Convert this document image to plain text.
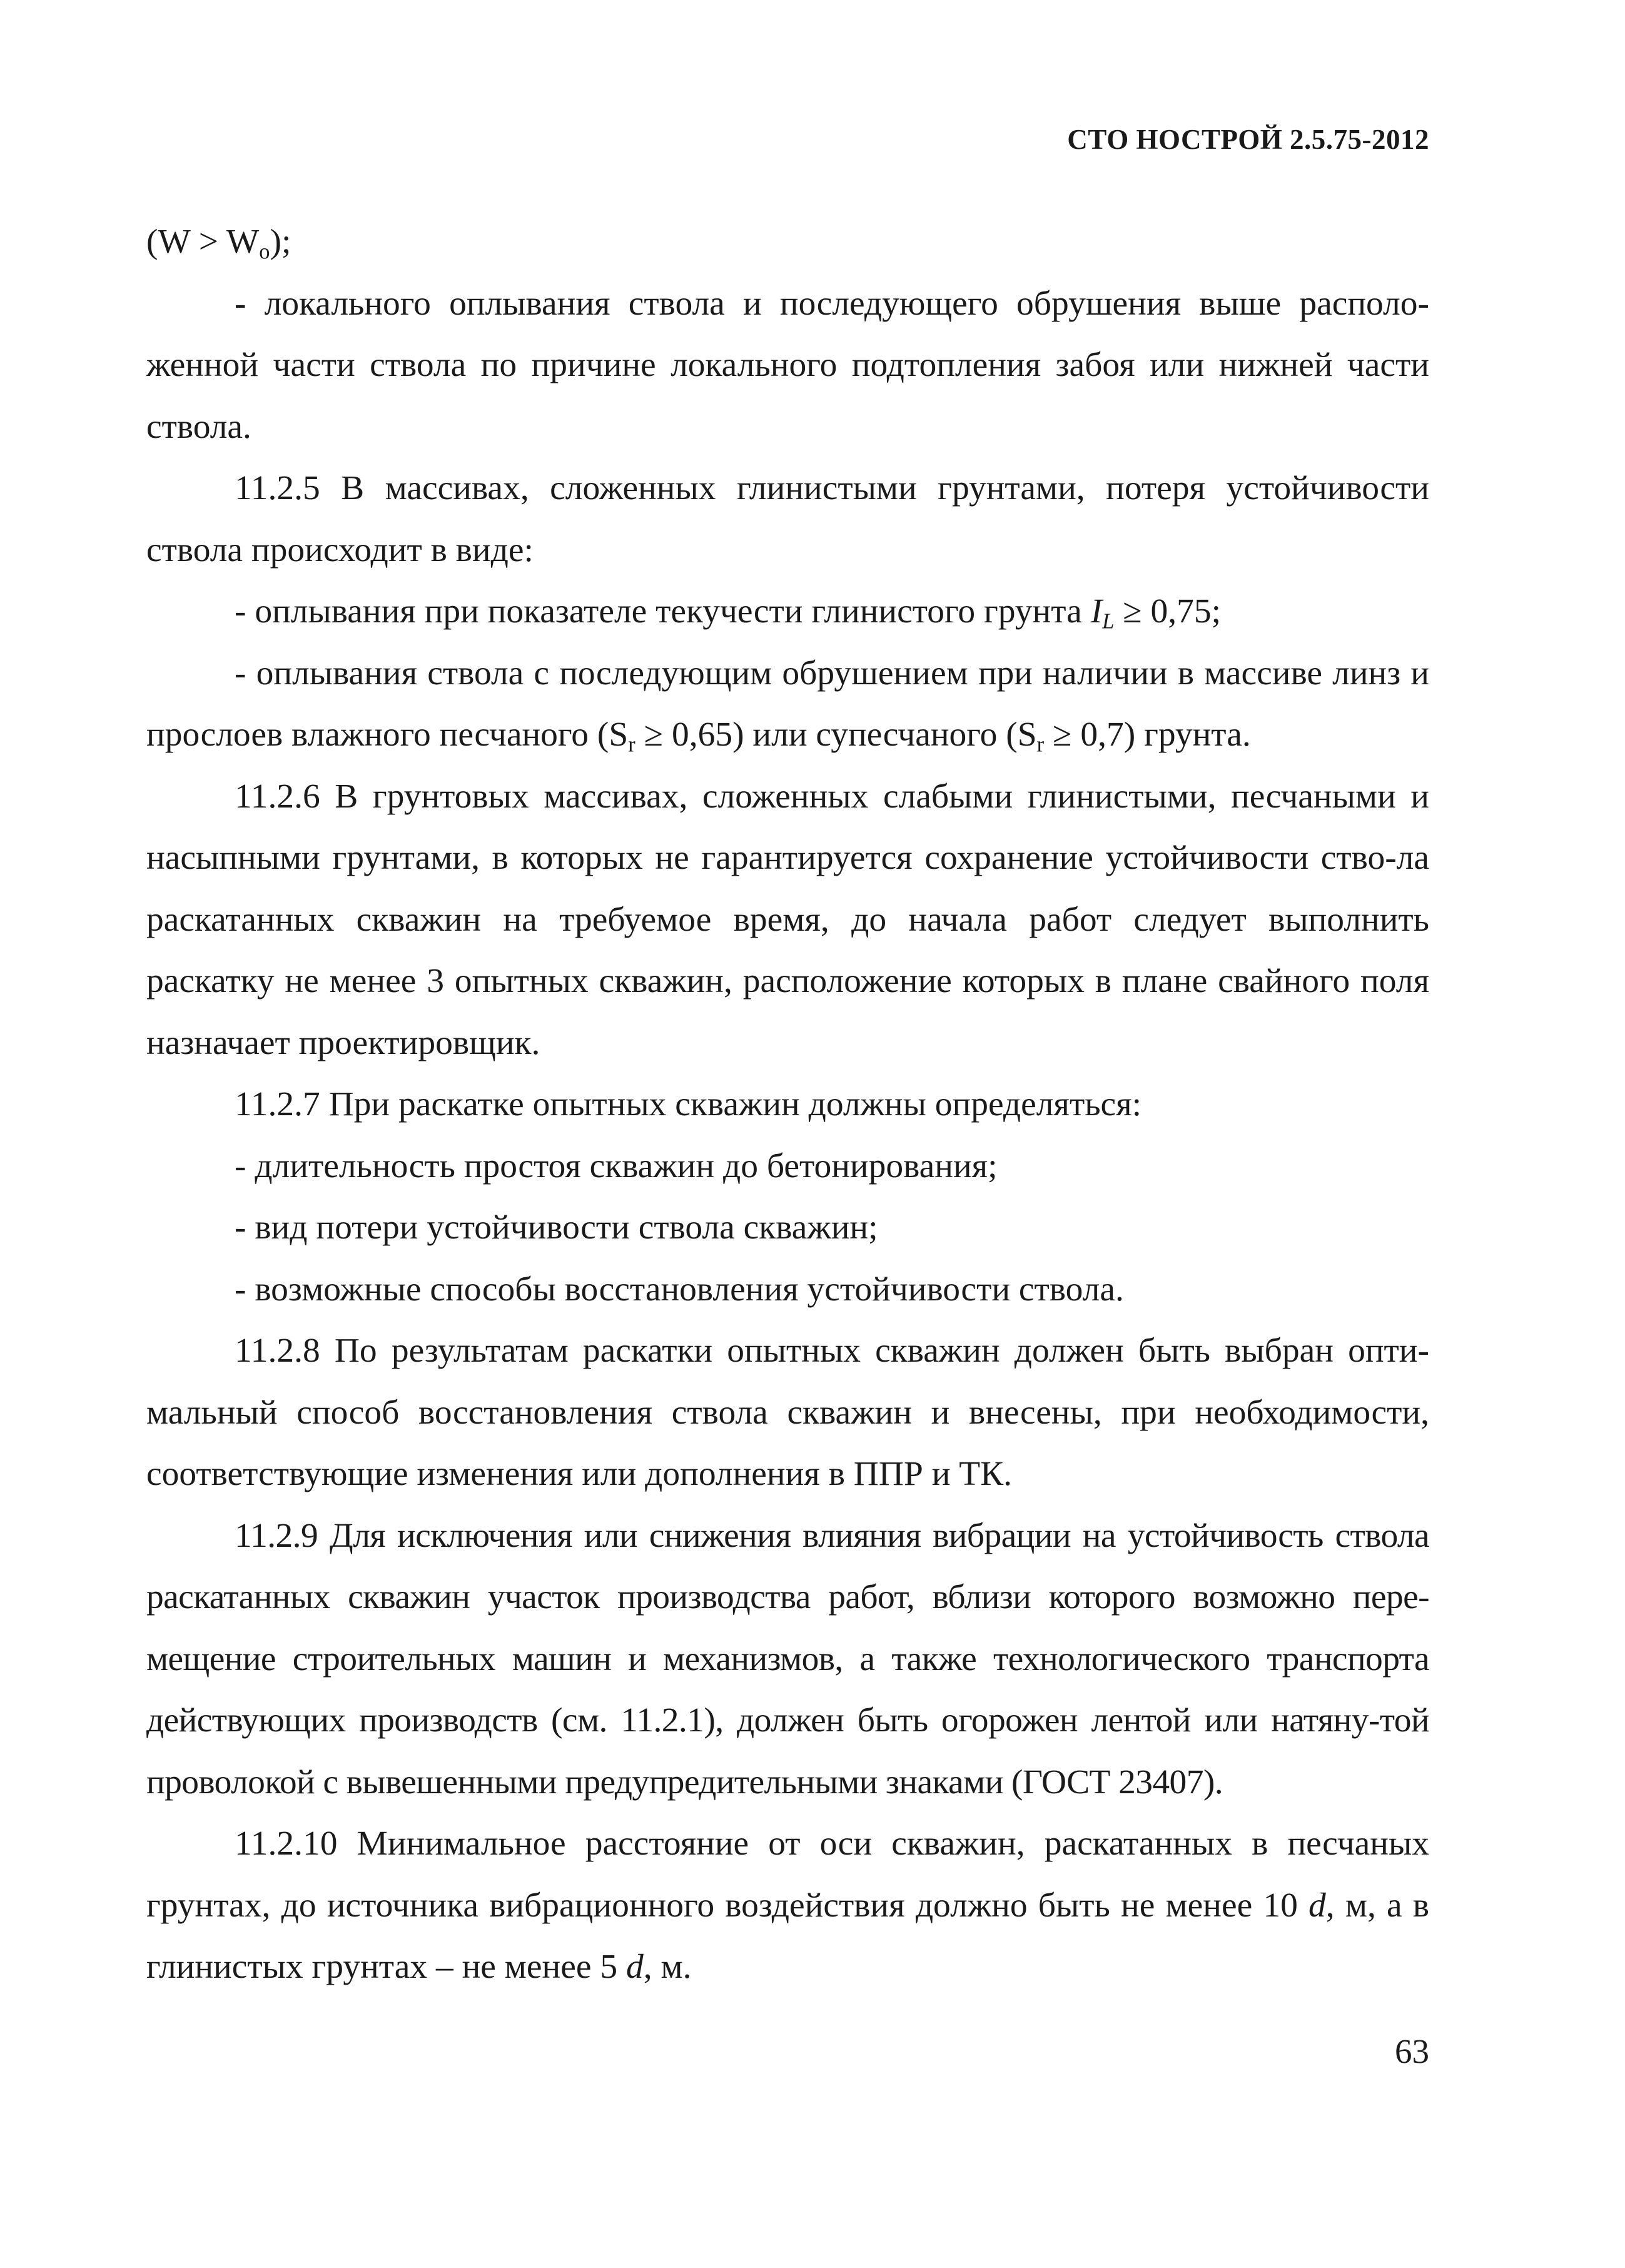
СТО НОСТРОЙ 2.5.75-2012

$(W > W_о)$;

- локального оплывания ствола и последующего обрушения выше располо-женной части ствола по причине локального подтопления забоя или нижней части ствола.

11.2.5 В массивах, сложенных глинистыми грунтами, потеря устойчивости ствола происходит в виде:

- оплывания при показателе текучести глинистого грунта $I_L \ge 0,75$;

- оплывания ствола с последующим обрушением при наличии в массиве линз и прослоев влажного песчаного $(S_r \ge 0,65)$ или супесчаного $(S_r \ge 0,7)$ грунта.

11.2.6 В грунтовых массивах, сложенных слабыми глинистыми, песчаными и насыпными грунтами, в которых не гарантируется сохранение устойчивости ство-ла раскатанных скважин на требуемое время, до начала работ следует выполнить раскатку не менее 3 опытных скважин, расположение которых в плане свайного поля назначает проектировщик.

11.2.7 При раскатке опытных скважин должны определяться:

- длительность простоя скважин до бетонирования;

- вид потери устойчивости ствола скважин;

- возможные способы восстановления устойчивости ствола.

11.2.8 По результатам раскатки опытных скважин должен быть выбран опти-мальный способ восстановления ствола скважин и внесены, при необходимости, соответствующие изменения или дополнения в ППР и ТК.

11.2.9 Для исключения или снижения влияния вибрации на устойчивость ствола раскатанных скважин участок производства работ, вблизи которого возможно пере-мещение строительных машин и механизмов, а также технологического транспорта действующих производств (см. 11.2.1), должен быть огорожен лентой или натяну-той проволокой с вывешенными предупредительными знаками (ГОСТ 23407).

11.2.10 Минимальное расстояние от оси скважин, раскатанных в песчаных грунтах, до источника вибрационного воздействия должно быть не менее 10 d, м, а в глинистых грунтах – не менее 5 d, м.

63
